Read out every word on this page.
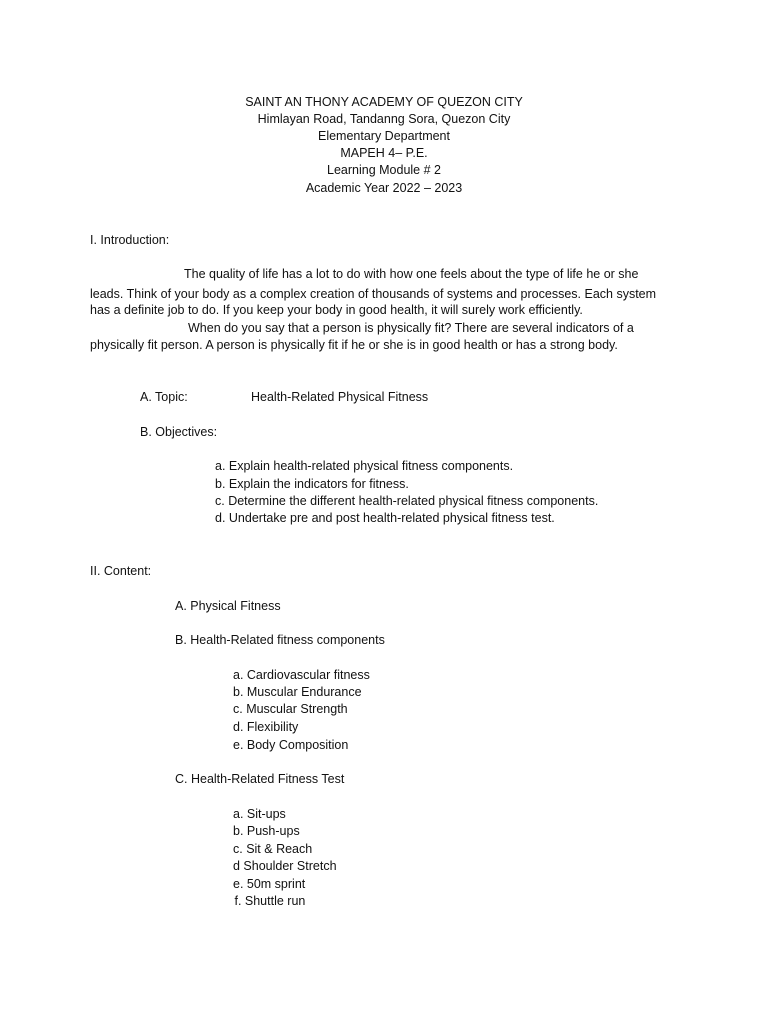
SAINT AN THONY ACADEMY OF QUEZON CITY
Himlayan Road, Tandanng Sora, Quezon City
Elementary Department
MAPEH 4– P.E.
Learning Module # 2
Academic Year 2022 – 2023
I. Introduction:
The quality of life has a lot to do with how one feels about the type of life he or she
leads. Think of your body as a complex creation of thousands of systems and processes. Each system
has a definite job to do. If you keep your body in good health, it will surely work efficiently.
When do you say that a person is physically fit? There are several indicators of a
physically fit person. A person is physically fit if he or she is in good health or has a strong body.
A. Topic:	Health-Related Physical Fitness
B. Objectives:
a. Explain health-related physical fitness components.
b. Explain the indicators for fitness.
c. Determine the different health-related physical fitness components.
d. Undertake pre and post health-related physical fitness test.
II. Content:
A. Physical Fitness
B. Health-Related fitness components
a. Cardiovascular fitness
b. Muscular Endurance
c. Muscular Strength
d. Flexibility
e. Body Composition
C. Health-Related Fitness Test
a. Sit-ups
b. Push-ups
c. Sit & Reach
d Shoulder Stretch
e. 50m sprint
f. Shuttle run
